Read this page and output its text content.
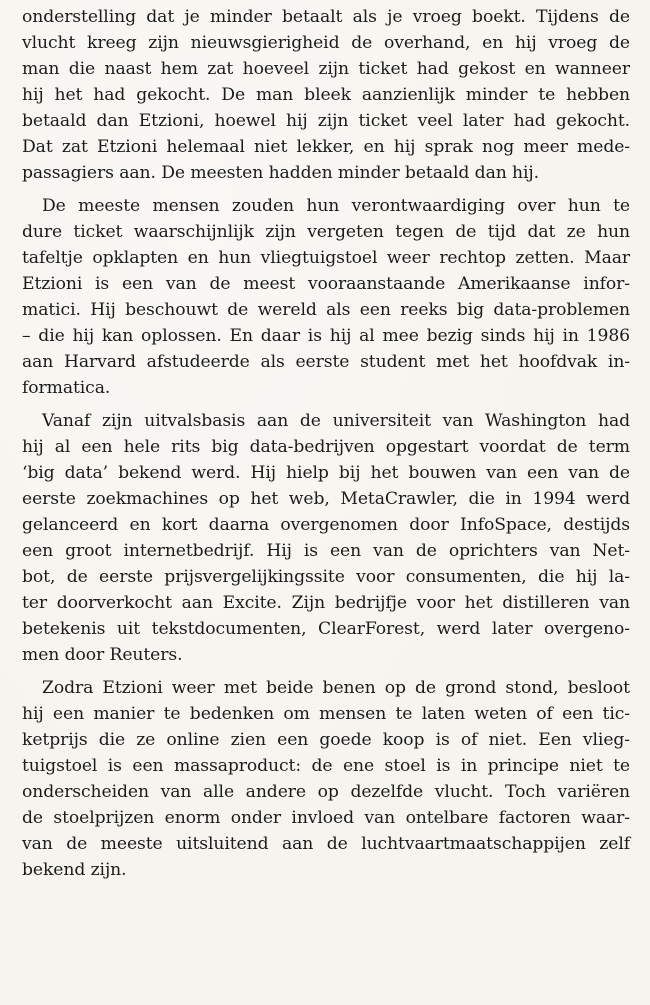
onderstelling dat je minder betaalt als je vroeg boekt. Tijdens de
vlucht kreeg zijn nieuwsgierigheid de overhand, en hij vroeg de
man die naast hem zat hoeveel zijn ticket had gekost en wanneer
hij het had gekocht. De man bleek aanzienlijk minder te hebben
betaald dan Etzioni, hoewel hij zijn ticket veel later had gekocht.
Dat zat Etzioni helemaal niet lekker, en hij sprak nog meer mede-
passagiers aan. De meesten hadden minder betaald dan hij.

De meeste mensen zouden hun verontwaardiging over hun te
dure ticket waarschijnlijk zijn vergeten tegen de tijd dat ze hun
tafeltje opklapten en hun vliegtuigstoel weer rechtop zetten. Maar
Etzioni is een van de meest vooraanstaande Amerikaanse infor-
matici. Hij beschouwt de wereld als een reeks big data-problemen
– die hij kan oplossen. En daar is hij al mee bezig sinds hij in 1986
aan Harvard afstudeerde als eerste student met het hoofdvak in-
formatica.

Vanaf zijn uitvalsbasis aan de universiteit van Washington had
hij al een hele rits big data-bedrijven opgestart voordat de term
‘big data’ bekend werd. Hij hielp bij het bouwen van een van de
eerste zoekmachines op het web, MetaCrawler, die in 1994 werd
gelanceerd en kort daarna overgenomen door InfoSpace, destijds
een groot internetbedrijf. Hij is een van de oprichters van Net-
bot, de eerste prijsvergelijkingssite voor consumenten, die hij la-
ter doorverkocht aan Excite. Zijn bedrijfje voor het distilleren van
betekenis uit tekstdocumenten, ClearForest, werd later overgeno-
men door Reuters.

Zodra Etzioni weer met beide benen op de grond stond, besloot
hij een manier te bedenken om mensen te laten weten of een tic-
ketprijs die ze online zien een goede koop is of niet. Een vlieg-
tuigstoel is een massaproduct: de ene stoel is in principe niet te
onderscheiden van alle andere op dezelfde vlucht. Toch variëren
de stoelprijzen enorm onder invloed van ontelbare factoren waar-
van de meeste uitsluitend aan de luchtvaartmaatschappijen zelf
bekend zijn.
